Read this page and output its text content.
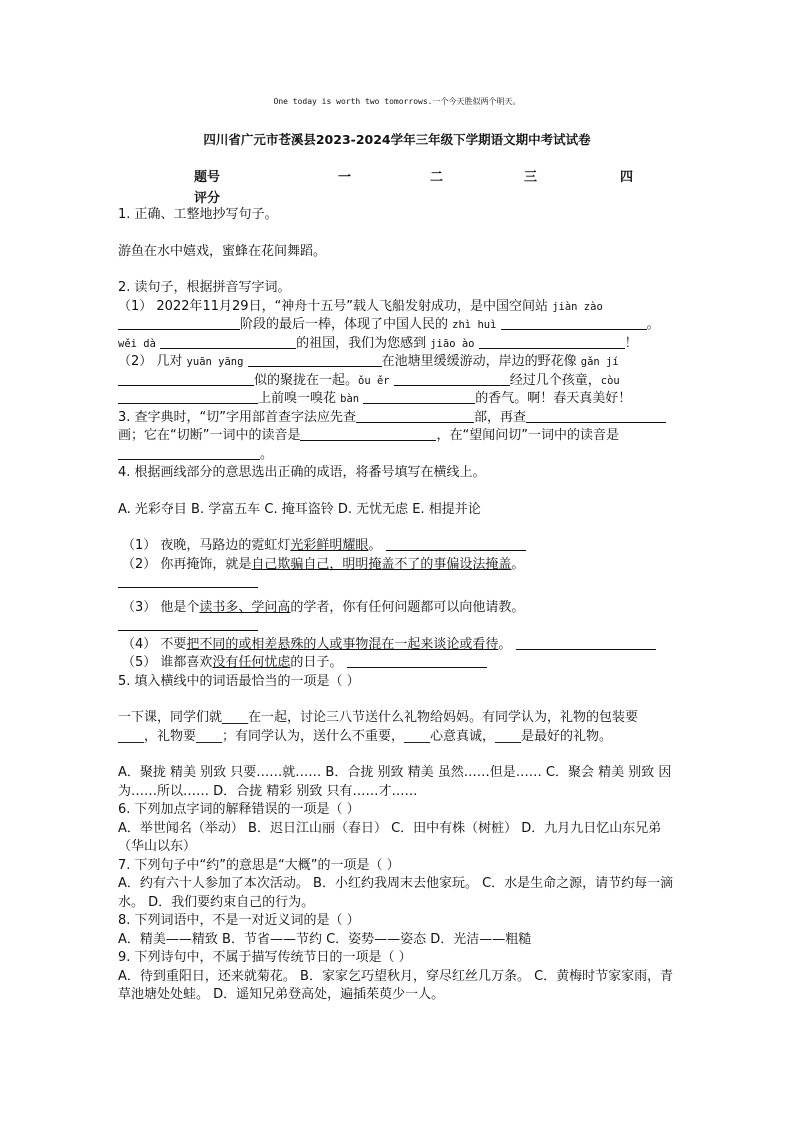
One today is worth two tomorrows.一个今天胜似两个明天。
四川省广元市苍溪县2023-2024学年三年级下学期语文期中考试试卷
题号	一	二	三	四
评分

1. 正确、工整地抄写句子。

游鱼在水中嬉戏，蜜蜂在花间舞蹈。

2. 读句子，根据拼音写字词。

（1） 2022年11月29日，“神舟十五号”载人飞船发射成功，是中国空间站 jiàn zào 阶段的最后一棒，体现了中国人民的 zhì huì	。wěi dà	的祖国，我们为您感到 jiāo ào	！

（2） 几对 yuān yāng	在池塘里缓缓游动，岸边的野花像 gǎn jí 似的聚拢在一起。ǒu ěr	经过几个孩童，còu 上前嗅一嗅花 bàn	的香气。啊！春天真美好！

3. 查字典时，“切”字用部首查字法应先查	部，再查画；它在“切断”一词中的读音是	，在“望闻问切”一词中的读音是。

4. 根据画线部分的意思选出正确的成语，将番号填写在横线上。

A. 光彩夺目 B. 学富五车 C. 掩耳盗铃 D. 无忧无虑 E. 相提并论

（1） 夜晚，马路边的霓虹灯光彩鲜明耀眼。

（2） 你再掩饰，就是自己欺骗自己，明明掩盖不了的事偏设法掩盖。

（3） 他是个读书多、学问高的学者，你有任何问题都可以向他请教。

（4） 不要把不同的或相差悬殊的人或事物混在一起来谈论或看待。

（5） 谁都喜欢没有任何忧虑的日子。

5. 填入横线中的词语最恰当的一项是（ ）

一下课，同学们就____在一起，讨论三八节送什么礼物给妈妈。有同学认为，礼物的包装要____，礼物要____；有同学认为，送什么不重要，____心意真诚，____是最好的礼物。

A．聚拢 精美 别致 只要……就…… B．合拢 别致 精美 虽然……但是…… C．聚会 精美 别致 因为……所以…… D．合拢 精彩 别致 只有……才……

6. 下列加点字词的解释错误的一项是（ ）

A．举世闻名（举动） B．迟日江山丽（春日） C．田中有株（树桩） D．九月九日忆山东兄弟（华山以东）

7. 下列句子中“约”的意思是“大概”的一项是（ ）

A．约有六十人参加了本次活动。 B．小红约我周末去他家玩。 C．水是生命之源，请节约每一滴水。 D．我们要约束自己的行为。

8. 下列词语中，不是一对近义词的是（ ）

A．精美——精致 B．节省——节约 C．姿势——姿态 D．光洁——粗糙

9. 下列诗句中，不属于描写传统节日的一项是（ ）

A．待到重阳日，还来就菊花。 B．家家乞巧望秋月，穿尽红丝几万条。 C．黄梅时节家家雨，青草池塘处处蛙。 D．遥知兄弟登高处，遍插茱萸少一人。
